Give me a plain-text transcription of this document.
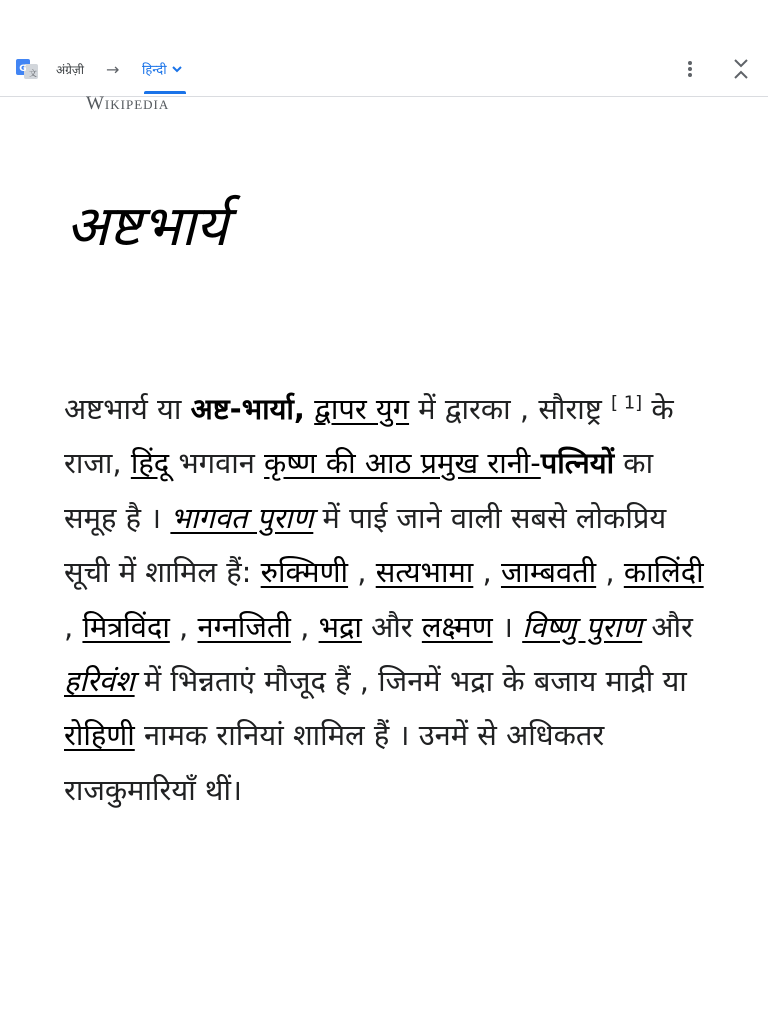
G 文 अंग्रेज़ी → हिन्दी
Wikipedia
अष्टभार्य

अष्टभार्य या अष्ट-भार्या, द्वापर युग में द्वारका , सौराष्ट्र [ 1] के राजा, हिंदू भगवान कृष्ण की आठ प्रमुख रानी-पत्नियों का समूह है । भागवत पुराण में पाई जाने वाली सबसे लोकप्रिय सूची में शामिल हैं: रुक्मिणी , सत्यभामा , जाम्बवती , कालिंदी , मित्रविंदा , नग्नजिती , भद्रा और लक्ष्मण । विष्णु पुराण और हरिवंश में भिन्नताएं मौजूद हैं , जिनमें भद्रा के बजाय माद्री या रोहिणी नामक रानियां शामिल हैं । उनमें से अधिकतर राजकुमारियाँ थीं।
